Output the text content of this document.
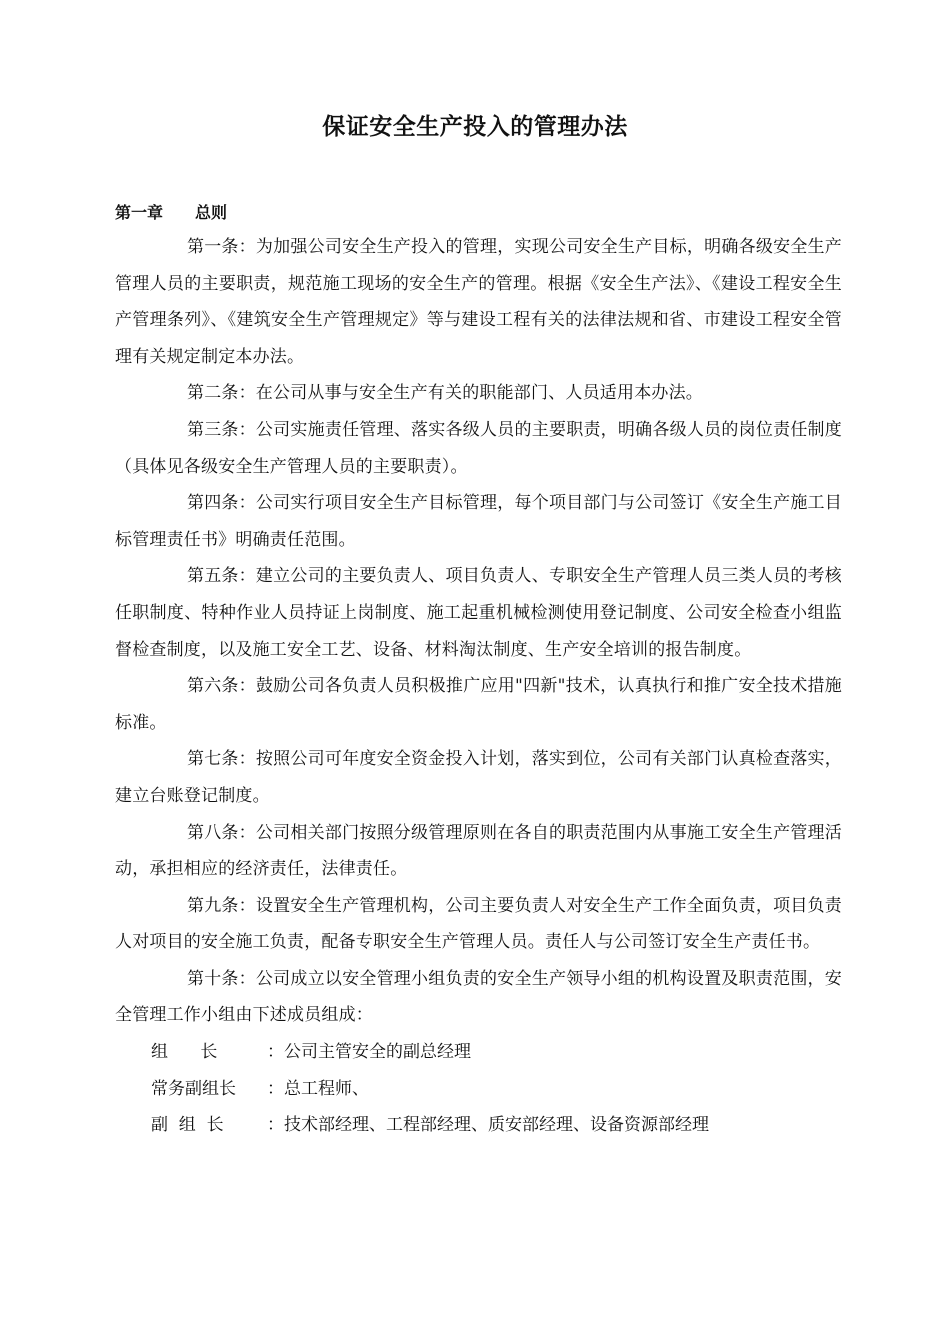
保证安全生产投入的管理办法
第一章 总则

第一条：为加强公司安全生产投入的管理，实现公司安全生产目标，明确各级安全生产管理人员的主要职责，规范施工现场的安全生产的管理。根据《安全生产法》、《建设工程安全生产管理条列》、《建筑安全生产管理规定》等与建设工程有关的法律法规和省、市建设工程安全管理有关规定制定本办法。

第二条：在公司从事与安全生产有关的职能部门、人员适用本办法。

第三条：公司实施责任管理、落实各级人员的主要职责，明确各级人员的岗位责任制度（具体见各级安全生产管理人员的主要职责）。

第四条：公司实行项目安全生产目标管理，每个项目部门与公司签订《安全生产施工目标管理责任书》明确责任范围。

第五条：建立公司的主要负责人、项目负责人、专职安全生产管理人员三类人员的考核任职制度、特种作业人员持证上岗制度、施工起重机械检测使用登记制度、公司安全检查小组监督检查制度，以及施工安全工艺、设备、材料淘汰制度、生产安全培训的报告制度。

第六条：鼓励公司各负责人员积极推广应用"四新"技术，认真执行和推广安全技术措施标准。

第七条：按照公司可年度安全资金投入计划，落实到位，公司有关部门认真检查落实，建立台账登记制度。

第八条：公司相关部门按照分级管理原则在各自的职责范围内从事施工安全生产管理活动，承担相应的经济责任，法律责任。

第九条：设置安全生产管理机构，公司主要负责人对安全生产工作全面负责，项目负责人对项目的安全施工负责，配备专职安全生产管理人员。责任人与公司签订安全生产责任书。

第十条：公司成立以安全管理小组负责的安全生产领导小组的机构设置及职责范围，安全管理工作小组由下述成员组成：

组      长	：公司主管安全的副总经理

常务副组长 ：总工程师、

副  组  长	：技术部经理、工程部经理、质安部经理、设备资源部经理
